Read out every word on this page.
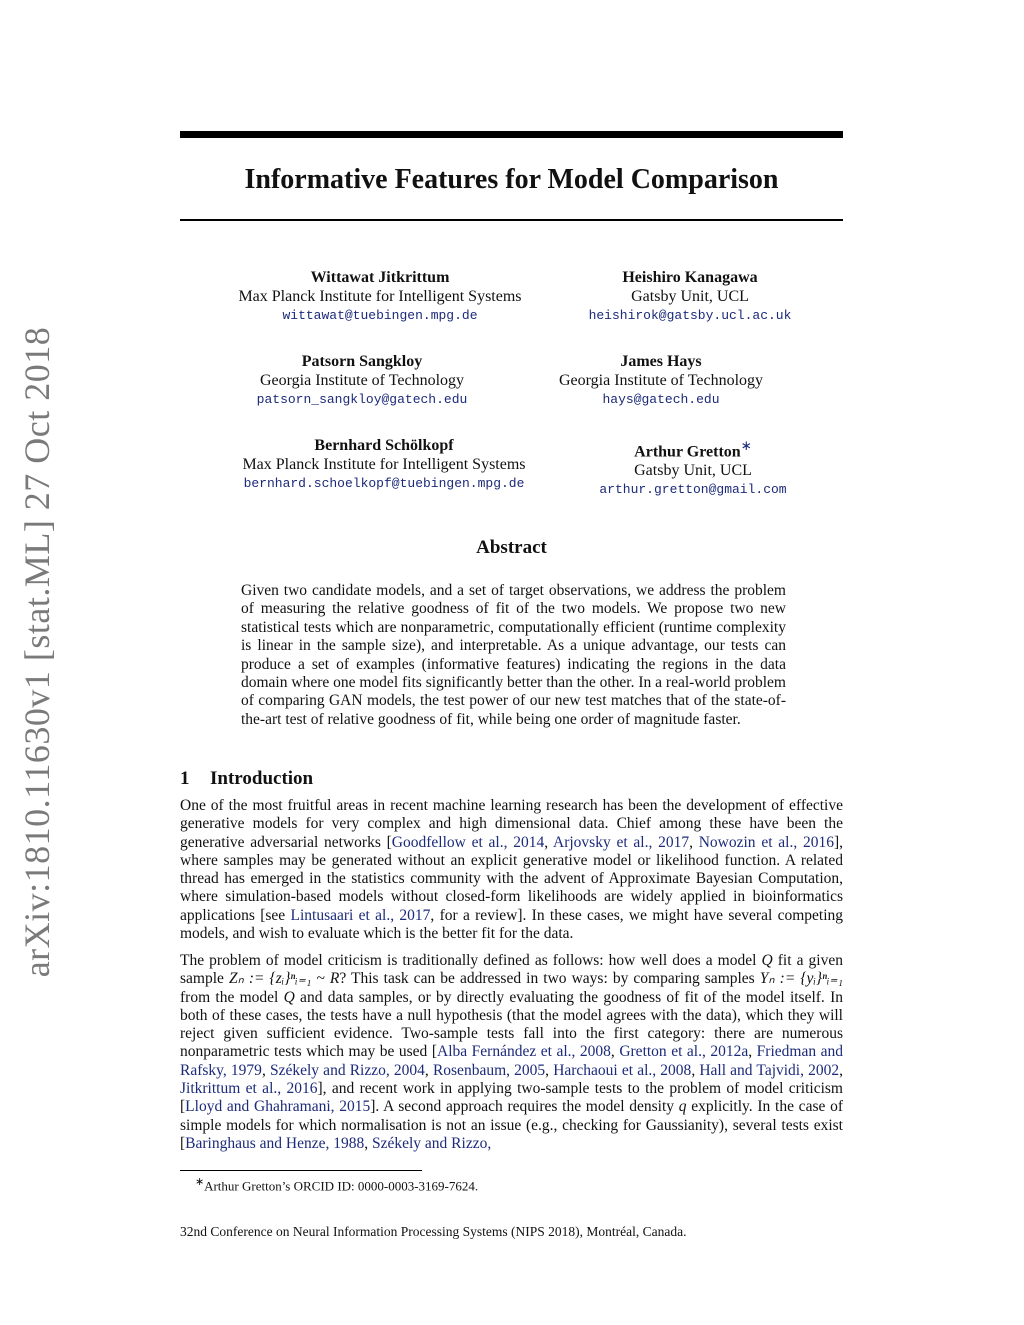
arXiv:1810.11630v1 [stat.ML] 27 Oct 2018
Informative Features for Model Comparison
Wittawat Jitkrittum
Max Planck Institute for Intelligent Systems
wittawat@tuebingen.mpg.de
Heishiro Kanagawa
Gatsby Unit, UCL
heishirok@gatsby.ucl.ac.uk
Patsorn Sangkloy
Georgia Institute of Technology
patsorn_sangkloy@gatech.edu
James Hays
Georgia Institute of Technology
hays@gatech.edu
Bernhard Schölkopf
Max Planck Institute for Intelligent Systems
bernhard.schoelkopf@tuebingen.mpg.de
Arthur Gretton∗
Gatsby Unit, UCL
arthur.gretton@gmail.com
Abstract
Given two candidate models, and a set of target observations, we address the problem of measuring the relative goodness of fit of the two models. We propose two new statistical tests which are nonparametric, computationally efficient (runtime complexity is linear in the sample size), and interpretable. As a unique advantage, our tests can produce a set of examples (informative features) indicating the regions in the data domain where one model fits significantly better than the other. In a real-world problem of comparing GAN models, the test power of our new test matches that of the state-of-the-art test of relative goodness of fit, while being one order of magnitude faster.
1 Introduction
One of the most fruitful areas in recent machine learning research has been the development of effective generative models for very complex and high dimensional data. Chief among these have been the generative adversarial networks [Goodfellow et al., 2014, Arjovsky et al., 2017, Nowozin et al., 2016], where samples may be generated without an explicit generative model or likelihood function. A related thread has emerged in the statistics community with the advent of Approximate Bayesian Computation, where simulation-based models without closed-form likelihoods are widely applied in bioinformatics applications [see Lintusaari et al., 2017, for a review]. In these cases, we might have several competing models, and wish to evaluate which is the better fit for the data.
The problem of model criticism is traditionally defined as follows: how well does a model Q fit a given sample Zₙ := {zᵢ}ⁿᵢ₌₁ ~ R? This task can be addressed in two ways: by comparing samples Yₙ := {yᵢ}ⁿᵢ₌₁ from the model Q and data samples, or by directly evaluating the goodness of fit of the model itself. In both of these cases, the tests have a null hypothesis (that the model agrees with the data), which they will reject given sufficient evidence. Two-sample tests fall into the first category: there are numerous nonparametric tests which may be used [Alba Fernández et al., 2008, Gretton et al., 2012a, Friedman and Rafsky, 1979, Székely and Rizzo, 2004, Rosenbaum, 2005, Harchaoui et al., 2008, Hall and Tajvidi, 2002, Jitkrittum et al., 2016], and recent work in applying two-sample tests to the problem of model criticism [Lloyd and Ghahramani, 2015]. A second approach requires the model density q explicitly. In the case of simple models for which normalisation is not an issue (e.g., checking for Gaussianity), several tests exist [Baringhaus and Henze, 1988, Székely and Rizzo,
∗Arthur Gretton’s ORCID ID: 0000-0003-3169-7624.
32nd Conference on Neural Information Processing Systems (NIPS 2018), Montréal, Canada.
